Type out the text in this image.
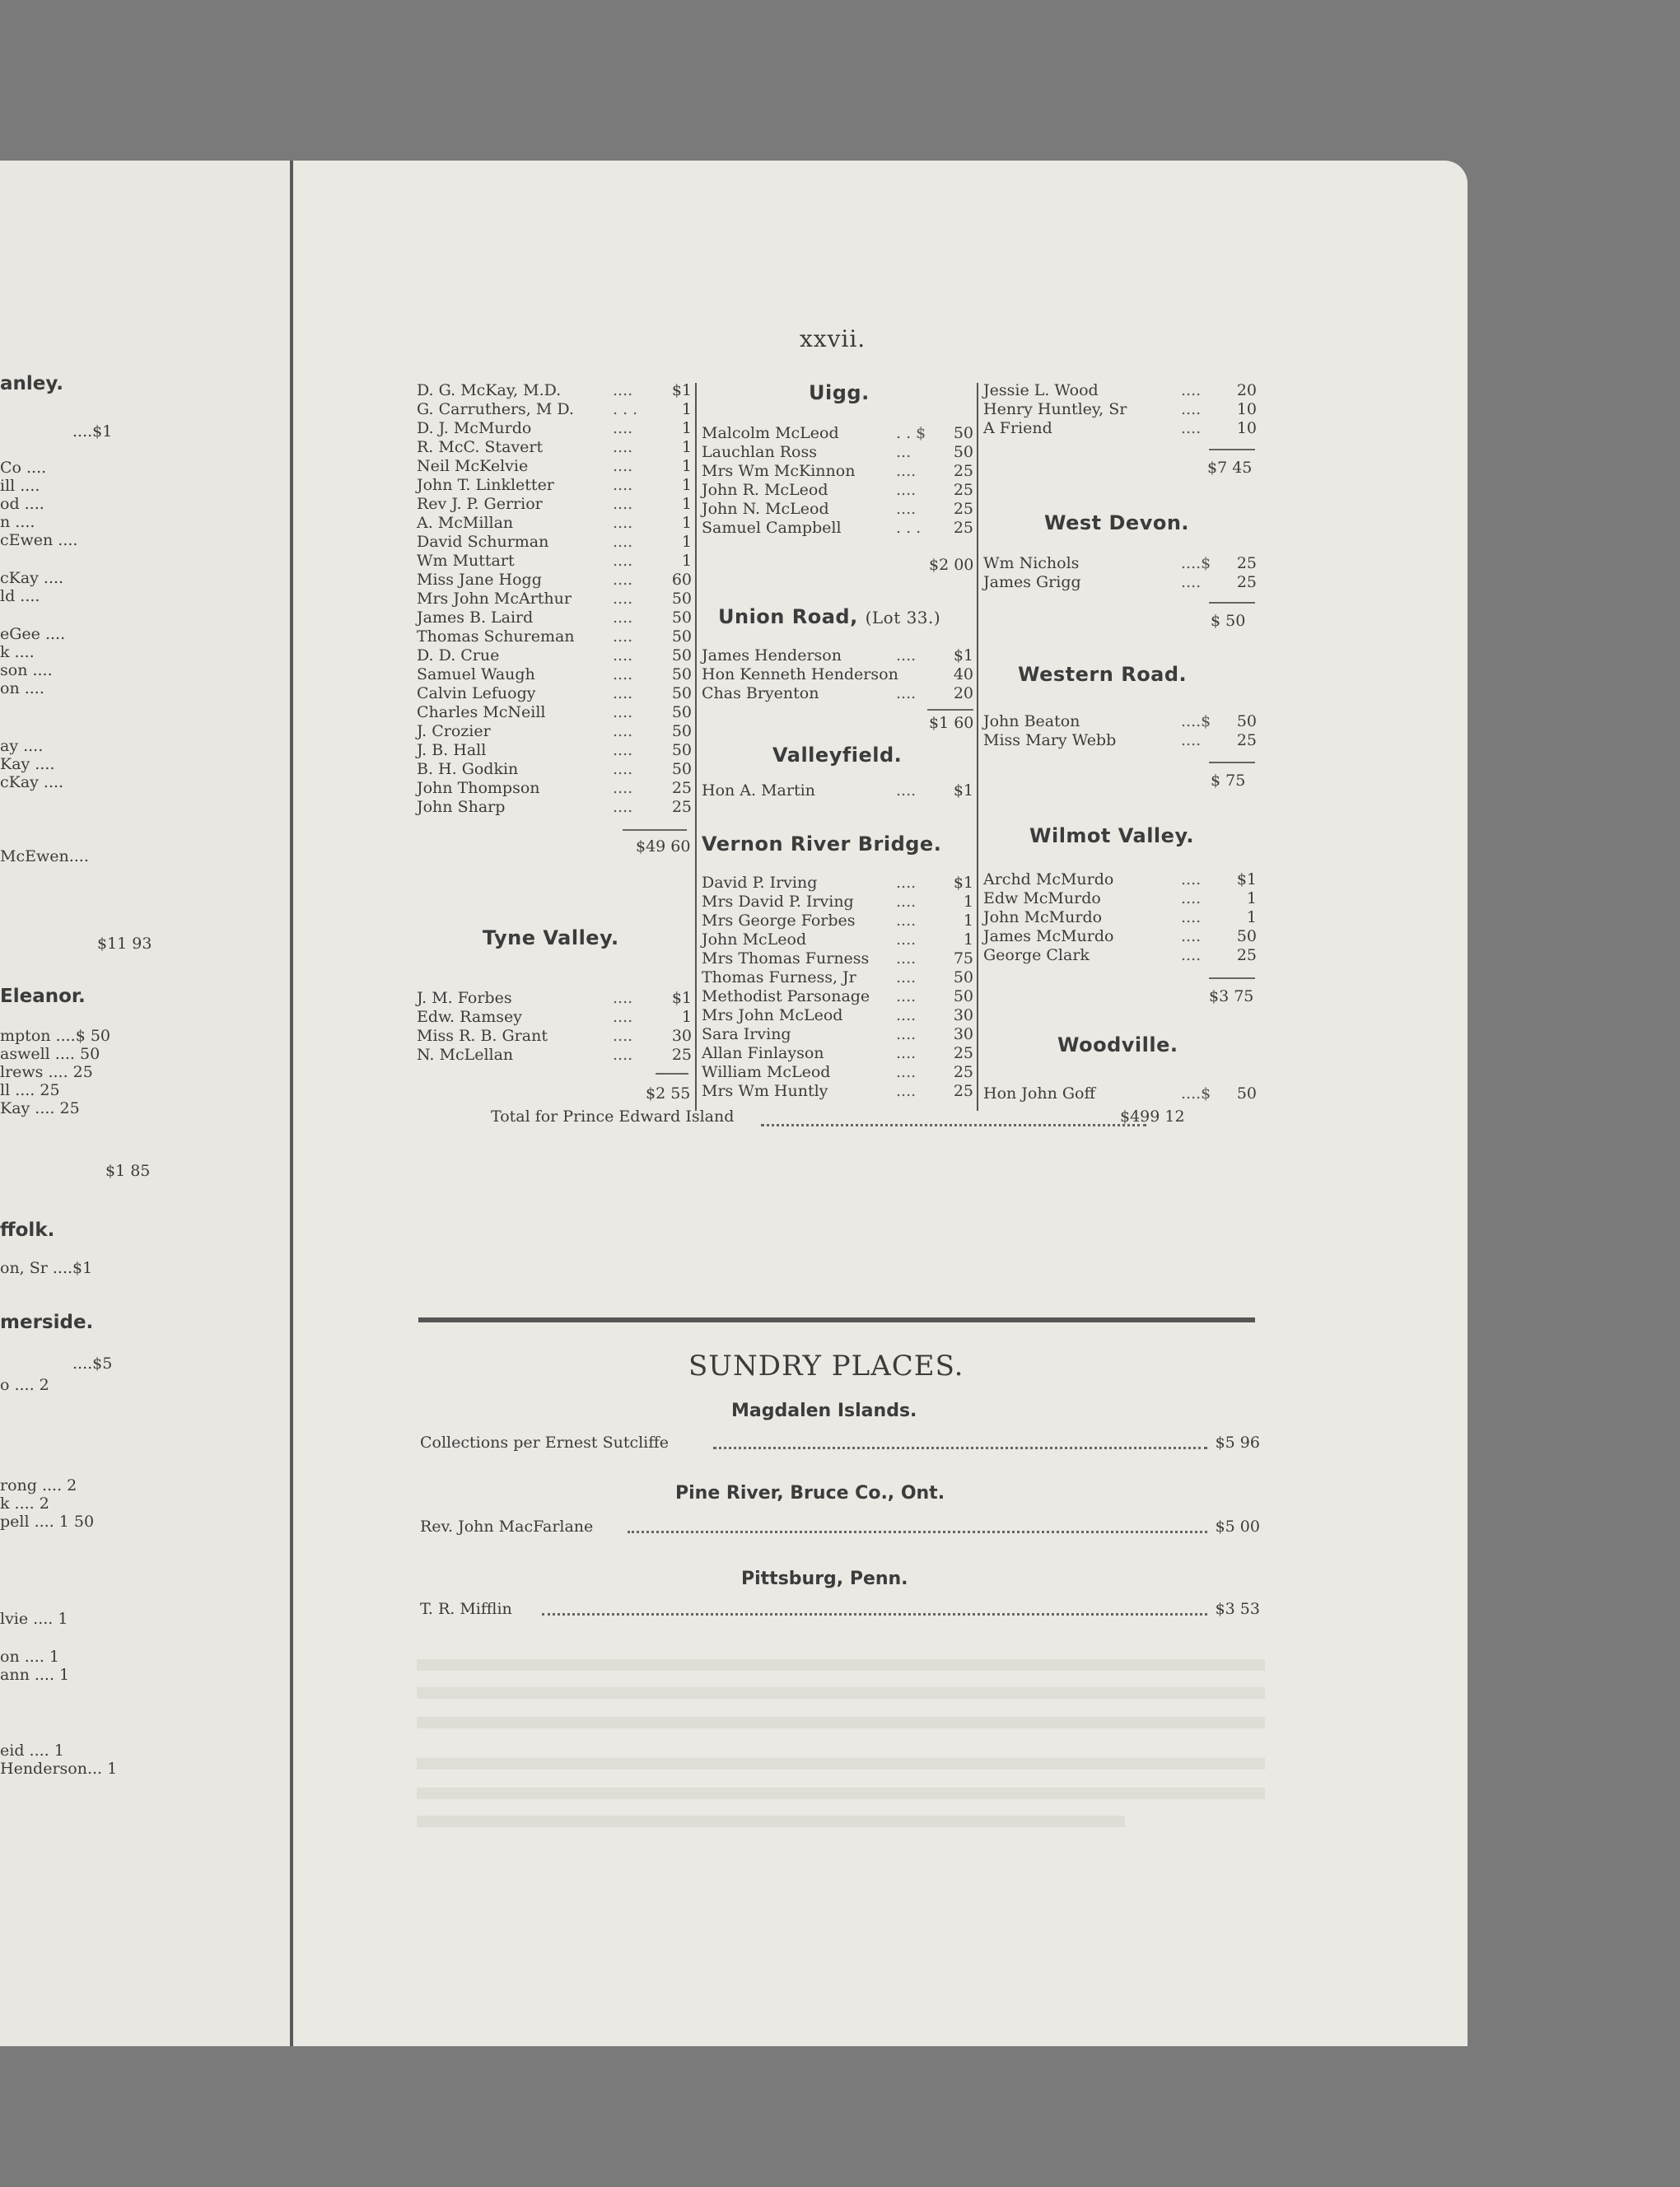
anley.
....$1
Co ....
ill ....
od ....
n ....
cEwen ....
cKay ....
ld ....
eGee ....
k ....
son ....
on ....
ay ....
Kay ....
cKay ....
McEwen....
$11 93
Eleanor.
mpton ....$ 50
aswell .... 50
lrews .... 25
ll .... 25
Kay .... 25
$1 85
ffolk.
on, Sr ....$1
merside.
....$5
o .... 2
rong .... 2
k .... 2
pell .... 1 50
lvie .... 1
on .... 1
ann .... 1
eid .... 1
Henderson... 1
xxvii.
D. G. McKay, M.D.	....	$1
G. Carruthers, M D. . . .	1
D. J. McMurdo	....	1
R. McC. Stavert	....	1
Neil McKelvie	....	1
John T. Linkletter	....	1
Rev J. P. Gerrior	....	1
A. McMillan	....	1
David Schurman	....	1
Wm Muttart	....	1
Miss Jane Hogg	....	60
Mrs John McArthur	....	50
James B. Laird	....	50
Thomas Schureman ....	50
D. D. Crue	....	50
Samuel Waugh	....	50
Calvin Lefuogy	....	50
Charles McNeill	....	50
J. Crozier	....	50
J. B. Hall	....	50
B. H. Godkin	....	50
John Thompson	....	25
John Sharp	....	25
$49 60
Tyne Valley.
J. M. Forbes	....	$1
Edw. Ramsey	....	1
Miss R. B. Grant	....	30
N. McLellan	....	25
$2 55
Uigg.
Malcolm McLeod	. . $ 50
Lauchlan Ross	...	50
Mrs Wm McKinnon	.... 25
John R. McLeod	.... 25
John N. McLeod	.... 25
Samuel Campbell	. . . 25
$2 00
Union Road, (Lot 33.)
James Henderson	.... $1
Hon Kenneth Henderson	40
Chas Bryenton	.... 20
$1 60
Valleyfield.
Hon A. Martin	.... $1
Vernon River Bridge.
David P. Irving	.... $1
Mrs David P. Irving	....	1
Mrs George Forbes	....	1
John McLeod	....	1
Mrs Thomas Furness .... 75
Thomas Furness, Jr	.... 50
Methodist Parsonage .... 50
Mrs John McLeod	.... 30
Sara Irving	.... 30
Allan Finlayson	.... 25
William McLeod	.... 25
Mrs Wm Huntly	.... 25
Jessie L. Wood	.... 20
Henry Huntley, Sr	.... 10
A Friend	.... 10
$7 45
West Devon.
Wm Nichols	....$ 25
James Grigg	.... 25
$ 50
Western Road.
John Beaton	....$ 50
Miss Mary Webb	.... 25
$ 75
Wilmot Valley.
Archd McMurdo	.... $1
Edw McMurdo	....	1
John McMurdo	....	1
James McMurdo	.... 50
George Clark	.... 25
$3 75
Woodville.
Hon John Goff	....$ 50
Total for Prince Edward Island	$499 12
SUNDRY PLACES.
Magdalen Islands.
Collections per Ernest Sutcliffe	$5 96
Pine River, Bruce Co., Ont.
Rev. John MacFarlane	$5 00
Pittsburg, Penn.
T. R. Mifflin	$3 53
